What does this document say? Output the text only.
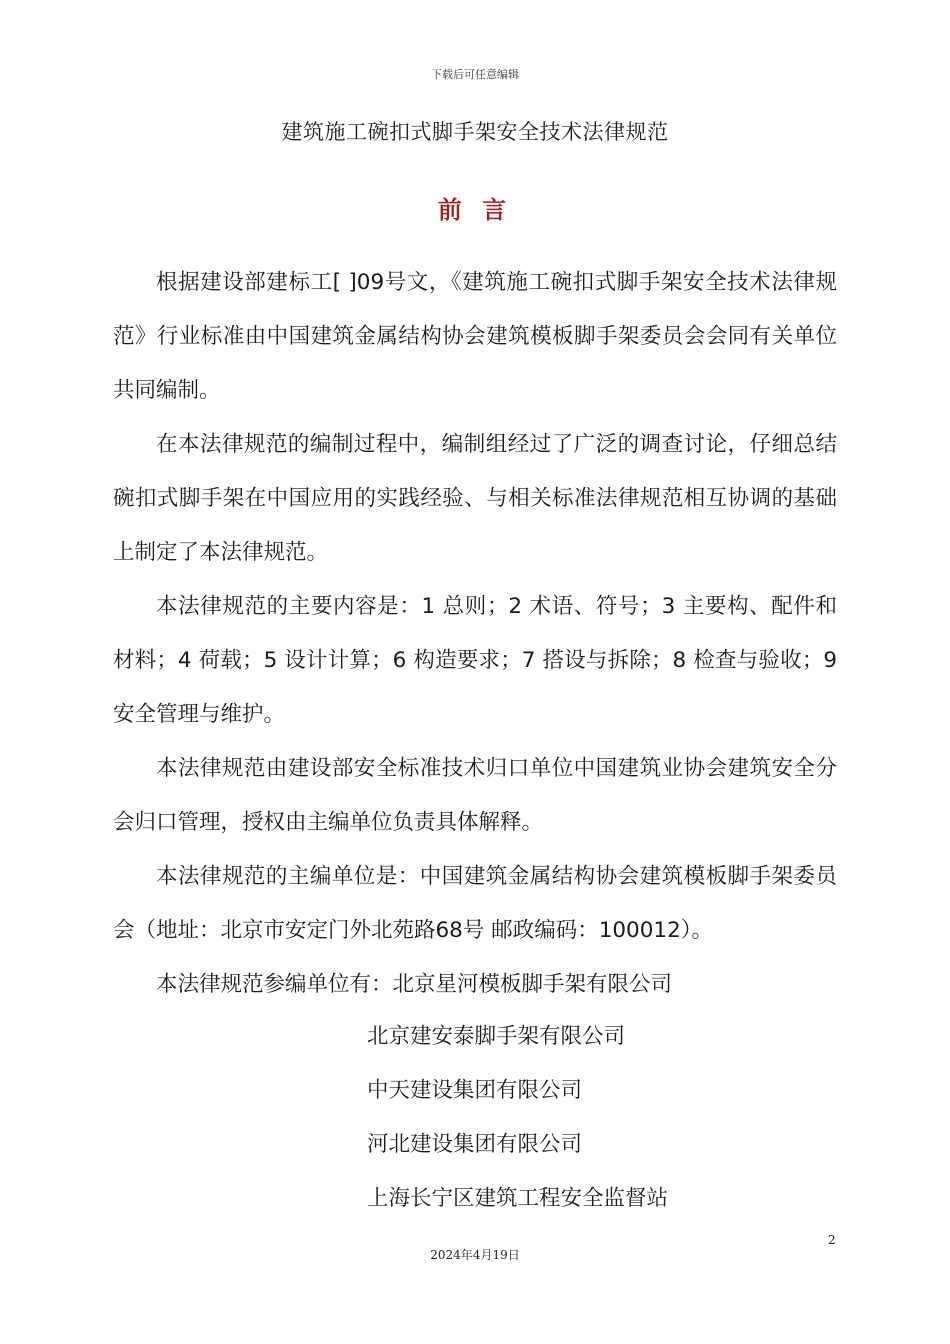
下载后可任意编辑
建筑施工碗扣式脚手架安全技术法律规范
前 言

根据建设部建标工[ ]09号文，《建筑施工碗扣式脚手架安全技术法律规范》行业标准由中国建筑金属结构协会建筑模板脚手架委员会会同有关单位共同编制。

在本法律规范的编制过程中，编制组经过了广泛的调查讨论，仔细总结碗扣式脚手架在中国应用的实践经验、与相关标准法律规范相互协调的基础上制定了本法律规范。

本法律规范的主要内容是：1 总则；2 术语、符号；3 主要构、配件和材料；4 荷载；5 设计计算；6 构造要求；7 搭设与拆除；8 检查与验收；9 安全管理与维护。

本法律规范由建设部安全标准技术归口单位中国建筑业协会建筑安全分会归口管理，授权由主编单位负责具体解释。

本法律规范的主编单位是：中国建筑金属结构协会建筑模板脚手架委员会（地址：北京市安定门外北苑路68号 邮政编码：100012）。

本法律规范参编单位有：北京星河模板脚手架有限公司

北京建安泰脚手架有限公司

中天建设集团有限公司

河北建设集团有限公司

上海长宁区建筑工程安全监督站

2
2024年4月19日
